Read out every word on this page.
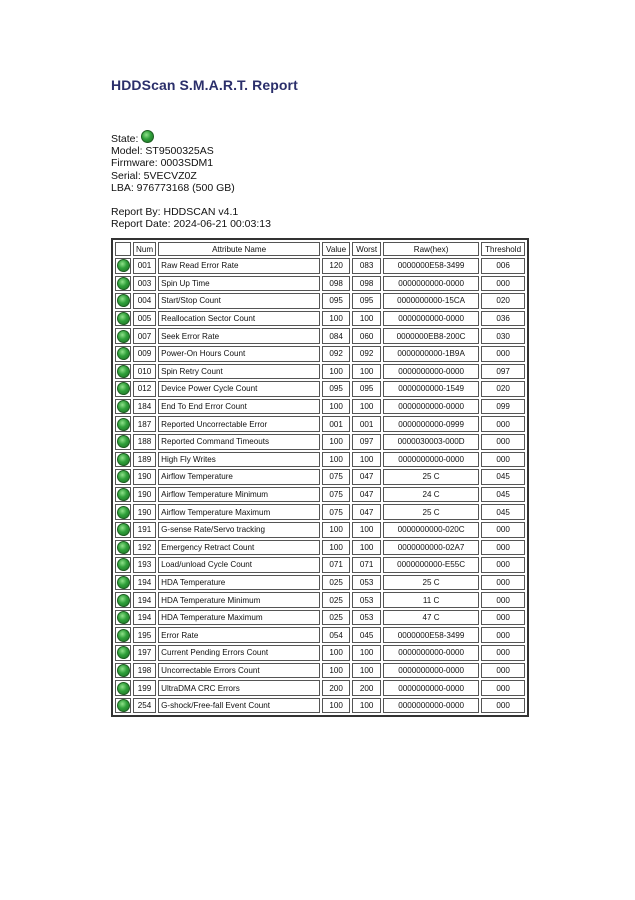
HDDScan S.M.A.R.T. Report
State:
Model: ST9500325AS
Firmware: 0003SDM1
Serial: 5VECVZ0Z
LBA: 976773168 (500 GB)
Report By: HDDSCAN v4.1
Report Date: 2024-06-21 00:03:13
	Num	Attribute Name	Value	Worst	Raw(hex)	Threshold
	001	Raw Read Error Rate	120	083	0000000E58-3499	006
	003	Spin Up Time	098	098	0000000000-0000	000
	004	Start/Stop Count	095	095	0000000000-15CA	020
	005	Reallocation Sector Count	100	100	0000000000-0000	036
	007	Seek Error Rate	084	060	0000000EB8-200C	030
	009	Power-On Hours Count	092	092	0000000000-1B9A	000
	010	Spin Retry Count	100	100	0000000000-0000	097
	012	Device Power Cycle Count	095	095	0000000000-1549	020
	184	End To End Error Count	100	100	0000000000-0000	099
	187	Reported Uncorrectable Error	001	001	0000000000-0999	000
	188	Reported Command Timeouts	100	097	0000030003-000D	000
	189	High Fly Writes	100	100	0000000000-0000	000
	190	Airflow Temperature	075	047	25 C	045
	190	Airflow Temperature Minimum	075	047	24 C	045
	190	Airflow Temperature Maximum	075	047	25 C	045
	191	G-sense Rate/Servo tracking	100	100	0000000000-020C	000
	192	Emergency Retract Count	100	100	0000000000-02A7	000
	193	Load/unload Cycle Count	071	071	0000000000-E55C	000
	194	HDA Temperature	025	053	25 C	000
	194	HDA Temperature Minimum	025	053	11 C	000
	194	HDA Temperature Maximum	025	053	47 C	000
	195	Error Rate	054	045	0000000E58-3499	000
	197	Current Pending Errors Count	100	100	0000000000-0000	000
	198	Uncorrectable Errors Count	100	100	0000000000-0000	000
	199	UltraDMA CRC Errors	200	200	0000000000-0000	000
	254	G-shock/Free-fall Event Count	100	100	0000000000-0000	000
